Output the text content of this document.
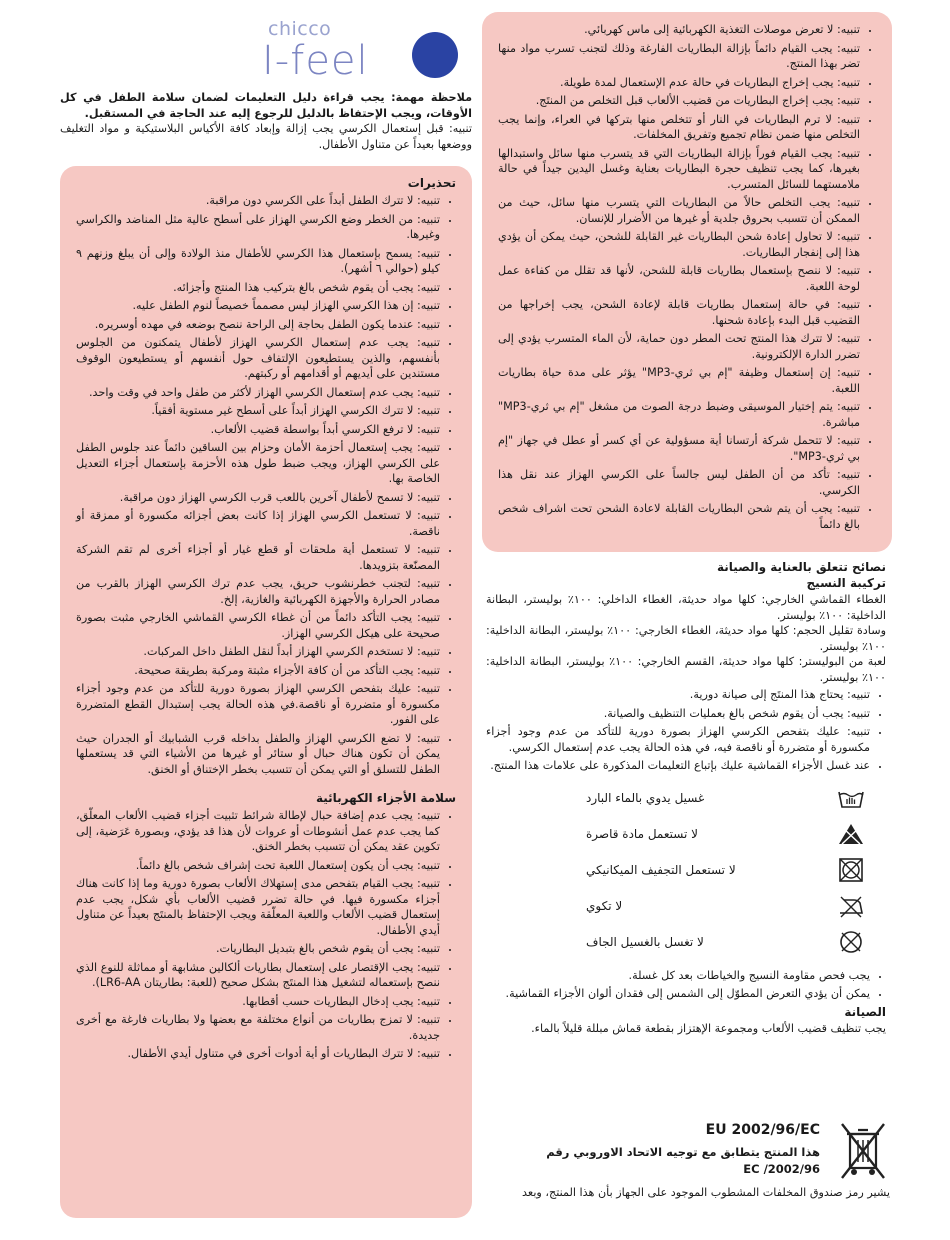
chicco
I-feel

ملاحظة مهمة: يجب قراءة دليل التعليمات لضمان سلامة الطفل في كل الأوقات، ويجب الإحتفاظ بالدليل للرجوع إليه عند الحاجة في المستقبل.

تنبيه: قبل إستعمال الكرسي يجب إزالة وإبعاد كافة الأكياس البلاستيكية و مواد التغليف ووضعها بعيداً عن متناول الأطفال.

تحذيرات
• تنبيه: لا تترك الطفل أبداً على الكرسي دون مراقبة.
• تنبيه: من الخطر وضع الكرسي الهزاز على أسطح عالية مثل المناضد والكراسي وغيرها.
• تنبيه: يسمح بإستعمال هذا الكرسي للأطفال منذ الولادة وإلى أن يبلغ وزنهم ٩ كيلو (حوالي ٦ أشهر).
• تنبيه: يجب أن يقوم شخص بالغ بتركيب هذا المنتج وأجزائه.
• تنبيه: إن هذا الكرسي الهزاز ليس مصمماً خصيصاً لنوم الطفل عليه.
• تنبيه: عندما يكون الطفل بحاجة إلى الراحة ننصح بوضعه في مهده أوسريره.
• تنبيه: يجب عدم إستعمال الكرسي الهزاز لأطفال يتمكنون من الجلوس بأنفسهم، والذين يستطيعون الإلتفاف حول أنفسهم أو يستطيعون الوقوف مستندين على أيديهم أو أقدامهم أو ركبتهم.
• تنبيه: يجب عدم إستعمال الكرسي الهزاز لأكثر من طفل واحد في وقت واحد.
• تنبيه: لا تترك الكرسي الهزاز أبداً على أسطح غير مستوية أفقياً.
• تنبيه: لا ترفع الكرسي أبداً بواسطة قضيب الألعاب.
• تنبيه: يجب إستعمال أحزمة الأمان وحزام بين الساقين دائماً عند جلوس الطفل على الكرسي الهزاز، ويجب ضبط طول هذه الأحزمة بإستعمال أجزاء التعديل الخاصة بها.
• تنبيه: لا تسمح لأطفال آخرين باللعب قرب الكرسي الهزاز دون مراقبة.
• تنبيه: لا تستعمل الكرسي الهزاز إذا كانت بعض أجزائه مكسورة أو ممزقة أو ناقصة.
• تنبيه: لا تستعمل أية ملحقات أو قطع غيار أو أجزاء أخرى لم تقم الشركة المصنّعة بتزويدها.
• تنبيه: لتجنب خطرنشوب حريق، يجب عدم ترك الكرسي الهزاز بالقرب من مصادر الحرارة والأجهزة الكهربائية والغازية، إلخ.
• تنبيه: يجب التأكد دائماً من أن غطاء الكرسي القماشي الخارجي مثبت بصورة صحيحة على هيكل الكرسي الهزاز.
• تنبيه: لا تستخدم الكرسي الهزاز أبداً لنقل الطفل داخل المركبات.
• تنبيه: يجب التأكد من أن كافة الأجزاء مثبتة ومركبة بطريقة صحيحة.
• تنبيه: عليك بتفحص الكرسي الهزاز بصورة دورية للتأكد من عدم وجود أجزاء مكسورة أو متضررة أو ناقصة.في هذه الحالة يجب إستبدال القطع المتضررة على الفور.
• تنبيه: لا تضع الكرسي الهزاز والطفل بداخله قرب الشبابيك أو الجدران حيث يمكن أن تكون هناك حبال أو ستائر أو غيرها من الأشياء التي قد يستعملها الطفل للتسلق أو التي يمكن أن تتسبب بخطر الإختناق أو الخنق.
سلامة الأجزاء الكهربائية
• تنبيه: يجب عدم إضافة حبال لإطالة شرائط تثبيت أجزاء قضيب الألعاب المعلّق، كما يجب عدم عمل أنشوطات أو عروات لأن هذا قد يؤدي، وبصورة عَرَضية، إلى تكوين عقد يمكن أن تتسبب بخطر الخنق.
• تنبيه: يجب أن يكون إستعمال اللعبة تحت إشراف شخص بالغ دائماً.
• تنبيه: يجب القيام بتفحص مدى إستهلاك الألعاب بصورة دورية وما إذا كانت هناك أجزاء مكسورة فيها. في حالة تضرر قضيب الألعاب بأي شكل، يجب عدم إستعمال قضيب الألعاب واللعبة المعلّقة ويجب الإحتفاظ بالمنتَج بعيداً عن متناول أيدي الأطفال.
• تنبيه: يجب أن يقوم شخص بالغ بتبديل البطاريات.
• تنبيه: يجب الإقتصار على إستعمال بطاريات ألكالين مشابهة أو مماثلة للنوع الذي ننصح بإستعماله لتشغيل هذا المنتَج بشكل صحيح (للعبة: بطاريتان LR6-AA).
• تنبيه: يجب إدخال البطاريات حسب أقطابها.
• تنبيه: لا تمزج بطاريات من أنواع مختلفة مع بعضها ولا بطاريات فارغة مع أخرى جديدة.
• تنبيه: لا تترك البطاريات أو أية أدوات أخرى في متناول أيدي الأطفال.
• تنبيه: لا تعرض موصلات التغذية الكهربائية إلى ماس كهربائي.
• تنبيه: يجب القيام دائماً بإزالة البطاريات الفارغة وذلك لتجنب تسرب مواد منها تضر بهذا المنتج.
• تنبيه: يجب إخراج البطاريات في حالة عدم الإستعمال لمدة طويلة.
• تنبيه: يجب إخراج البطاريات من قضيب الألعاب قبل التخلص من المنتَج.
• تنبيه: لا ترم البطاريات في النار أو تتخلص منها بتركها في العراء، وإنما يجب التخلص منها ضمن نظام تجميع وتفريق المخلفات.
• تنبيه: يجب القيام فوراً بإزالة البطاريات التي قد يتسرب منها سائل واستبدالها بغيرها، كما يجب تنظيف حجرة البطاريات بعناية وغسل اليدين جيداً في حالة ملامستهما للسائل المتسرب.
• تنبيه: يجب التخلص حالاً من البطاريات التي يتسرب منها سائل، حيث من الممكن أن تتسبب بحروق جلدية أو غيرها من الأضرار للإنسان.
• تنبيه: لا تحاول إعادة شحن البطاريات غير القابلة للشحن، حيث يمكن أن يؤدي هذا إلى إنفجار البطاريات.
• تنبيه: لا ننصح بإستعمال بطاريات قابلة للشحن، لأنها قد تقلل من كفاءة عمل لوحة اللعبة.
• تنبيه: في حالة إستعمال بطاريات قابلة لإعادة الشحن، يجب إخراجها من القضيب قبل البدء بإعادة شحنها.
• تنبيه: لا تترك هذا المنتج تحت المطر دون حماية، لأن الماء المتسرب يؤدي إلى تضرر الدارة الإلكترونية.
• تنبيه: إن إستعمال وظيفة "إم بي ثري-MP3" يؤثر على مدة حياة بطاريات اللعبة.
• تنبيه: يتم إختيار الموسيقى وضبط درجة الصوت من مشغل "إم بي ثري-MP3" مباشرة.
• تنبيه: لا تتحمل شركة أرتسانا أية مسؤولية عن أي كسر أو عطل في جهاز "إم بي ثري-MP3".
• تنبيه: تأكد من أن الطفل ليس جالساً على الكرسي الهزاز عند نقل هذا الكرسي.
• تنبيه: يجب أن يتم شحن البطاريات القابلة لاعادة الشحن تحت اشراف شخص بالغ دائماً
نصائح تتعلق بالعناية والصيانة
تركيبة النسيج

الغطاء القماشي الخارجي: كلها مواد حديثة، الغطاء الداخلي: ١٠٠٪ بوليستر، البطانة الداخلية: ١٠٠٪ بوليستر.

وسادة تقليل الحجم: كلها مواد حديثة، الغطاء الخارجي: ١٠٠٪ بوليستر، البطانة الداخلية: ١٠٠٪ بوليستر.

لعبة من البوليستر: كلها مواد حديثة، القسم الخارجي: ١٠٠٪ بوليستر، البطانة الداخلية: ١٠٠٪ بوليستر.

• تنبيه: يحتاج هذا المنتَج إلى صيانة دورية.
• تنبيه: يجب أن يقوم شخص بالغ بعمليات التنظيف والصيانة.
• تنبيه: عليك بتفحص الكرسي الهزاز بصورة دورية للتأكد من عدم وجود أجزاء مكسورة أو متضررة أو ناقصة فيه، في هذه الحالة يجب عدم إستعمال الكرسي.
• عند غسل الأجزاء القماشية عليك بإتباع التعليمات المذكورة على علامات هذا المنتج.
غسيل يدوي بالماء البارد
لا تستعمل مادة قاصرة
لا تستعمل التجفيف الميكانيكي
لا تكوي
لا تغسل بالغسيل الجاف
• يجب فحص مقاومة النسيج والخياطات بعد كل غسلة.
• يمكن أن يؤدي التعرض المطوّل إلى الشمس إلى فقدان ألوان الأجزاء القماشية.
الصيانة

يجب تنظيف قضيب الألعاب ومجموعة الإهتزاز بقطعة قماش مبللة قليلاً بالماء.

EU 2002/96/EC
هذا المنتج يتطابق مع توجيه الاتحاد الاوروبي رقم 2002/96/ EC
يشير رمز صندوق المخلفات المشطوب الموجود على الجهاز بأن هذا المنتج، وبعد
